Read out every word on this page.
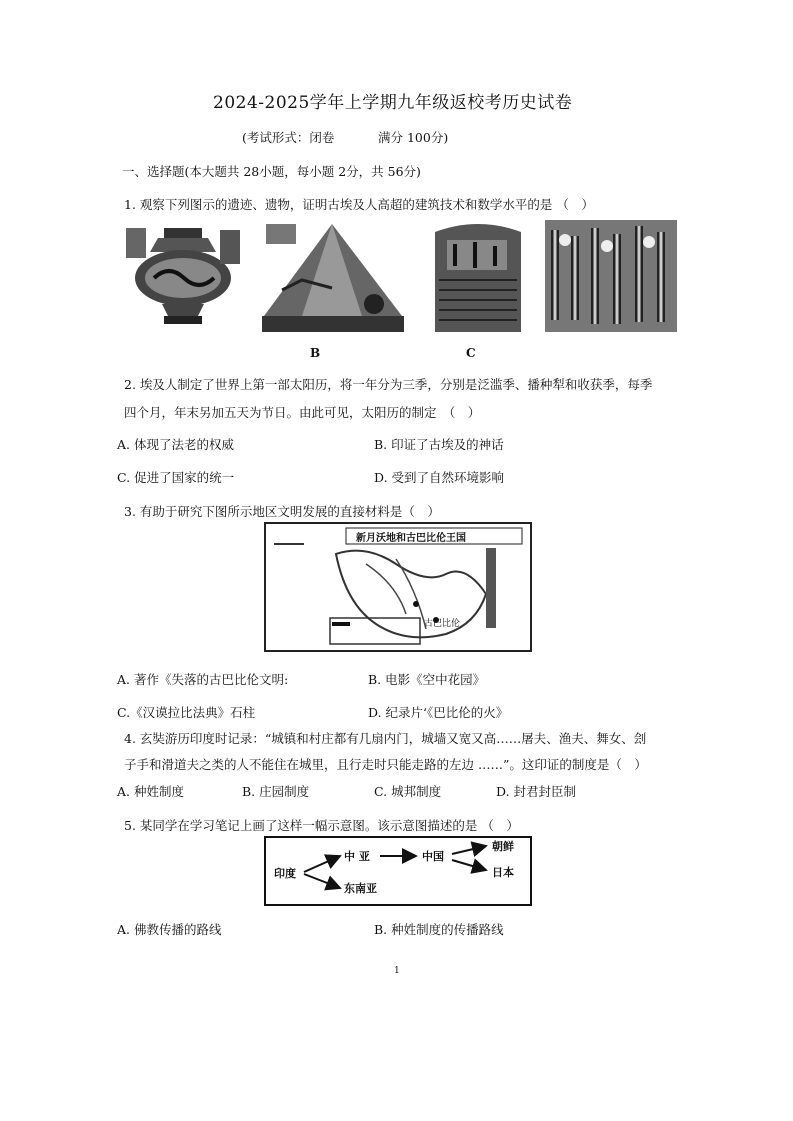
2024-2025学年上学期九年级返校考历史试卷
(考试形式：闭卷	满分 100分)
一、选择题(本大题共 28小题，每小题 2分，共 56分)
1. 观察下列图示的遗迹、遗物，证明古埃及人高超的建筑技术和数学水平的是 （　）
B	C
2. 埃及人制定了世界上第一部太阳历，将一年分为三季，分别是泛滥季、播种犁和收获季，每季
四个月，年末另加五天为节日。由此可见，太阳历的制定　（　）
A. 体现了法老的权威	B. 印证了古埃及的神话
C. 促进了国家的统一	D. 受到了自然环境影响
3. 有助于研究下图所示地区文明发展的直接材料是（　）
新月沃地和古巴比伦王国
古巴比伦
A. 著作《失落的古巴比伦文明:	B. 电影《空中花园》
C.《汉谟拉比法典》石柱	D. 纪录片‘《巴比伦的火》
4. 玄奘游历印度时记录：“城镇和村庄都有几扇内门，城墙又宽又高……屠夫、渔夫、舞女、刽
子手和滑道夫之类的人不能住在城里，且行走时只能走路的左边 ……”。这印证的制度是（　）
A. 种姓制度	B. 庄园制度	C. 城邦制度	D. 封君封臣制
5. 某同学在学习笔记上画了这样一幅示意图。该示意图描述的是 （　）
印度
中 亚
东南亚
中国
朝鲜
日本
A. 佛教传播的路线	B. 种姓制度的传播路线
1
